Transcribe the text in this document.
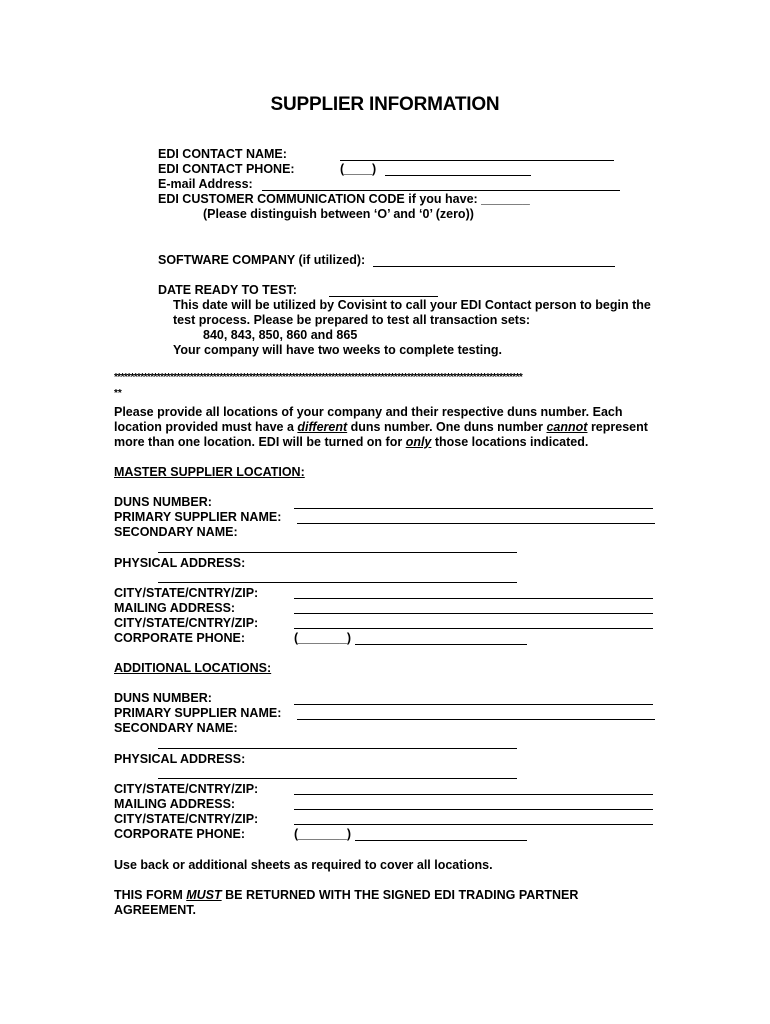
SUPPLIER INFORMATION
EDI CONTACT NAME:
EDI CONTACT PHONE:	(____)
E-mail Address:
EDI CUSTOMER COMMUNICATION CODE if you have: _______
(Please distinguish between ‘O’ and ‘0’ (zero))
SOFTWARE COMPANY (if utilized):
DATE READY TO TEST:
This date will be utilized by Covisint to call your EDI Contact person to begin the
test process. Please be prepared to test all transaction sets:
840, 843, 850, 860 and 865
Your company will have two weeks to complete testing.
****************************************************************************************************************************
**
Please provide all locations of your company and their respective duns number. Each
location provided must have a different duns number. One duns number cannot represent
more than one location. EDI will be turned on for only those locations indicated.
MASTER SUPPLIER LOCATION:
DUNS NUMBER:
PRIMARY SUPPLIER NAME:
SECONDARY NAME:
PHYSICAL ADDRESS:
CITY/STATE/CNTRY/ZIP:
MAILING ADDRESS:
CITY/STATE/CNTRY/ZIP:
CORPORATE PHONE:	(_______)
ADDITIONAL LOCATIONS:
DUNS NUMBER:
PRIMARY SUPPLIER NAME:
SECONDARY NAME:
PHYSICAL ADDRESS:
CITY/STATE/CNTRY/ZIP:
MAILING ADDRESS:
CITY/STATE/CNTRY/ZIP:
CORPORATE PHONE:	(_______)
Use back or additional sheets as required to cover all locations.
THIS FORM MUST BE RETURNED WITH THE SIGNED EDI TRADING PARTNER
AGREEMENT.
